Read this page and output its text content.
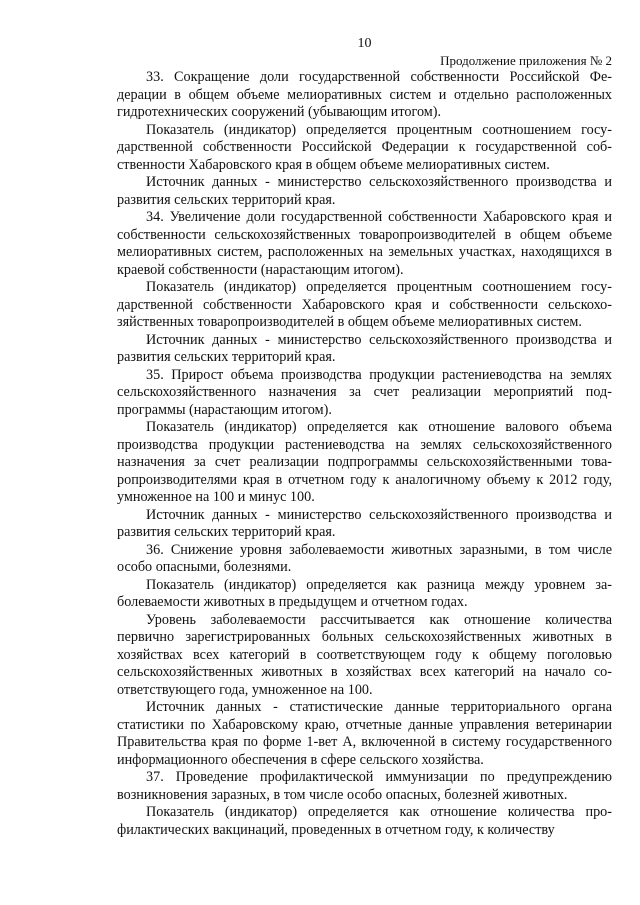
10
Продолжение приложения № 2

33. Сокращение доли государственной собственности Российской Федерации в общем объеме мелиоративных систем и отдельно расположенных гидротехнических сооружений (убывающим итогом).

Показатель (индикатор) определяется процентным соотношением государственной собственности Российской Федерации к государственной собственности Хабаровского края в общем объеме мелиоративных систем.

Источник данных - министерство сельскохозяйственного производства и развития сельских территорий края.

34. Увеличение доли государственной собственности Хабаровского края и собственности сельскохозяйственных товаропроизводителей в общем объеме мелиоративных систем, расположенных на земельных участках, находящихся в краевой собственности (нарастающим итогом).

Показатель (индикатор) определяется процентным соотношением государственной собственности Хабаровского края и собственности сельскохозяйственных товаропроизводителей в общем объеме мелиоративных систем.

Источник данных - министерство сельскохозяйственного производства и развития сельских территорий края.

35. Прирост объема производства продукции растениеводства на землях сельскохозяйственного назначения за счет реализации мероприятий подпрограммы (нарастающим итогом).

Показатель (индикатор) определяется как отношение валового объема производства продукции растениеводства на землях сельскохозяйственного назначения за счет реализации подпрограммы сельскохозяйственными товаропроизводителями края в отчетном году к аналогичному объему к 2012 году, умноженное на 100 и минус 100.

Источник данных - министерство сельскохозяйственного производства и развития сельских территорий края.

36. Снижение уровня заболеваемости животных заразными, в том числе особо опасными, болезнями.

Показатель (индикатор) определяется как разница между уровнем заболеваемости животных в предыдущем и отчетном годах.

Уровень заболеваемости рассчитывается как отношение количества первично зарегистрированных больных сельскохозяйственных животных в хозяйствах всех категорий в соответствующем году к общему поголовью сельскохозяйственных животных в хозяйствах всех категорий на начало соответствующего года, умноженное на 100.

Источник данных - статистические данные территориального органа статистики по Хабаровскому краю, отчетные данные управления ветеринарии Правительства края по форме 1-вет А, включенной в систему государственного информационного обеспечения в сфере сельского хозяйства.

37. Проведение профилактической иммунизации по предупреждению возникновения заразных, в том числе особо опасных, болезней животных.

Показатель (индикатор) определяется как отношение количества профилактических вакцинаций, проведенных в отчетном году, к количеству
